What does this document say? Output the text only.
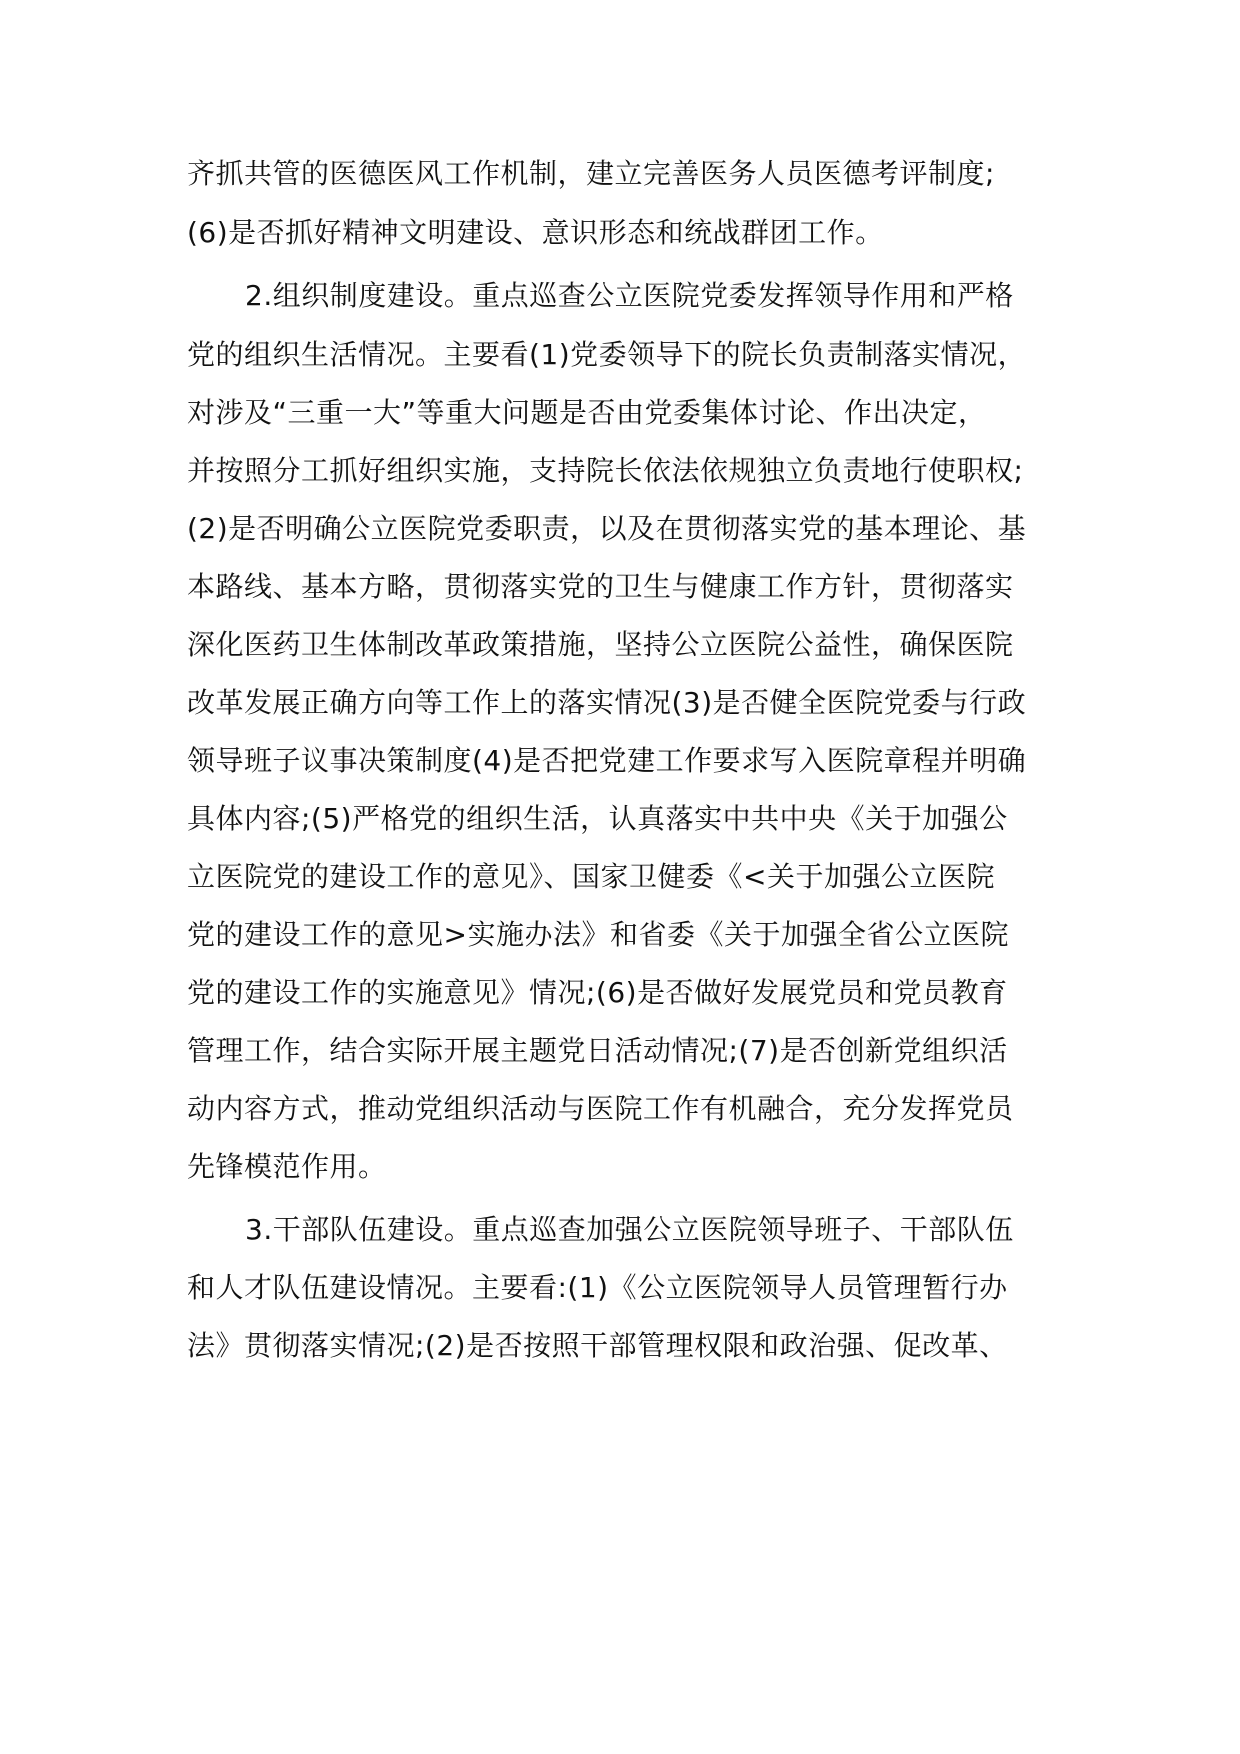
齐抓共管的医德医风工作机制，建立完善医务人员医德考评制度;
(6)是否抓好精神文明建设、意识形态和统战群团工作。
2.组织制度建设。重点巡查公立医院党委发挥领导作用和严格
党的组织生活情况。主要看(1)党委领导下的院长负责制落实情况，
对涉及“三重一大”等重大问题是否由党委集体讨论、作出决定，
并按照分工抓好组织实施，支持院长依法依规独立负责地行使职权;
(2)是否明确公立医院党委职责，以及在贯彻落实党的基本理论、基
本路线、基本方略，贯彻落实党的卫生与健康工作方针，贯彻落实
深化医药卫生体制改革政策措施，坚持公立医院公益性，确保医院
改革发展正确方向等工作上的落实情况(3)是否健全医院党委与行政
领导班子议事决策制度(4)是否把党建工作要求写入医院章程并明确
具体内容;(5)严格党的组织生活，认真落实中共中央《关于加强公
立医院党的建设工作的意见》、国家卫健委《<关于加强公立医院
党的建设工作的意见>实施办法》和省委《关于加强全省公立医院
党的建设工作的实施意见》情况;(6)是否做好发展党员和党员教育
管理工作，结合实际开展主题党日活动情况;(7)是否创新党组织活
动内容方式，推动党组织活动与医院工作有机融合，充分发挥党员
先锋模范作用。
3.干部队伍建设。重点巡查加强公立医院领导班子、干部队伍
和人才队伍建设情况。主要看:(1)《公立医院领导人员管理暂行办
法》贯彻落实情况;(2)是否按照干部管理权限和政治强、促改革、
